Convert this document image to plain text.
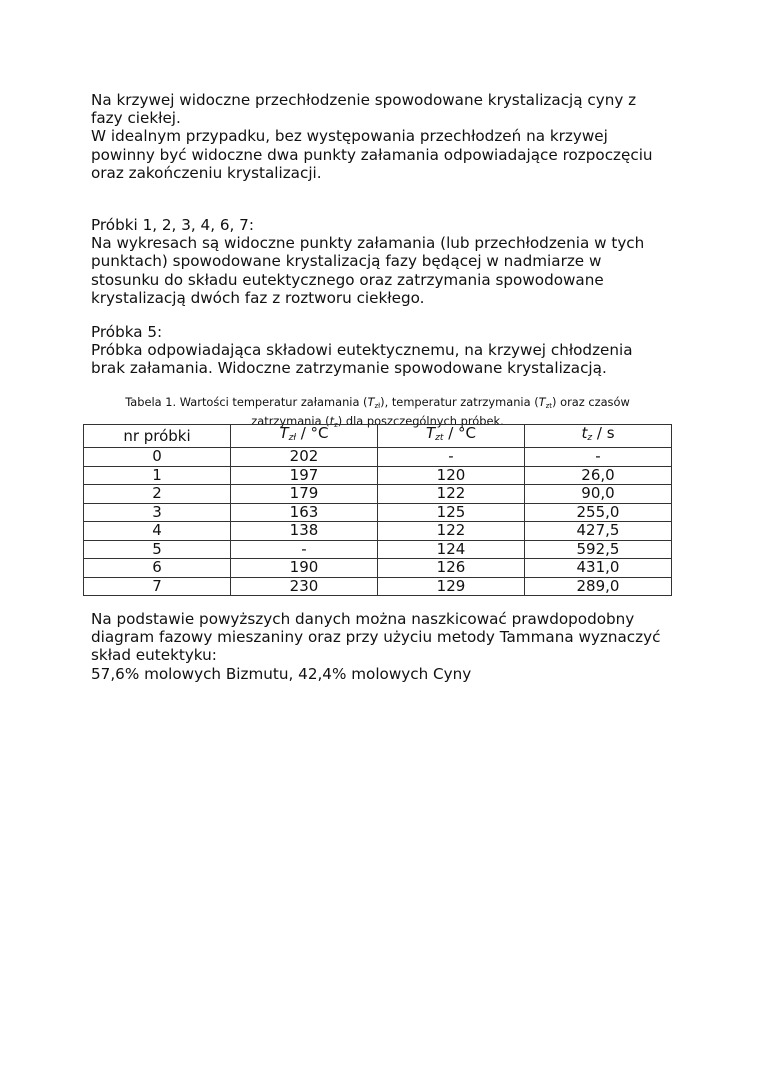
Na krzywej widoczne przechłodzenie spowodowane krystalizacją cyny z
fazy ciekłej.
W idealnym przypadku, bez występowania przechłodzeń na krzywej
powinny być widoczne dwa punkty załamania odpowiadające rozpoczęciu
oraz zakończeniu krystalizacji.
Próbki 1, 2, 3, 4, 6, 7:
Na wykresach są widoczne punkty załamania (lub przechłodzenia w tych
punktach) spowodowane krystalizacją fazy będącej w nadmiarze w
stosunku do składu eutektycznego oraz zatrzymania spowodowane
krystalizacją dwóch faz z roztworu ciekłego.
Próbka 5:
Próbka odpowiadająca składowi eutektycznemu, na krzywej chłodzenia
brak załamania. Widoczne zatrzymanie spowodowane krystalizacją.
Tabela 1. Wartości temperatur załamania $(T_{zł})$, temperatur zatrzymania $(T_{zt})$ oraz czasów
zatrzymania $(t_z)$ dla poszczególnych próbek.
nr próbki	$T_{zł} / ^\circ C$	$T_{zt} / ^\circ C$	$t_z$ / s
0	202	-	-
1	197	120	26,0
2	179	122	90,0
3	163	125	255,0
4	138	122	427,5
5	-	124	592,5
6	190	126	431,0
7	230	129	289,0
Na podstawie powyższych danych można naszkicować prawdopodobny
diagram fazowy mieszaniny oraz przy użyciu metody Tammana wyznaczyć
skład eutektyku:
57,6% molowych Bizmutu, 42,4% molowych Cyny
